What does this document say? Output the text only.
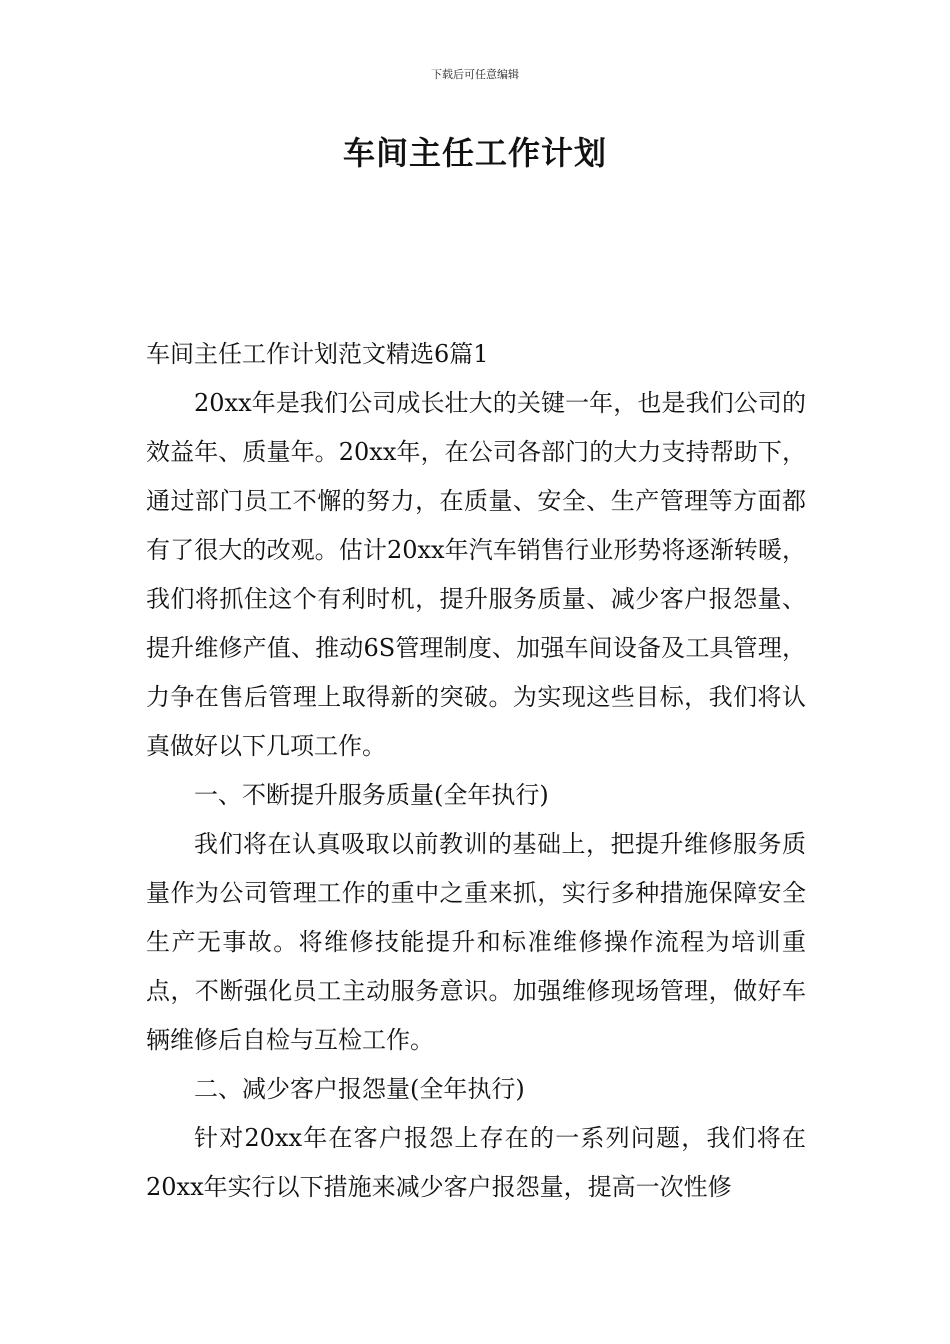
下载后可任意编辑
车间主任工作计划

车间主任工作计划范文精选6篇1

20xx年是我们公司成长壮大的关键一年，也是我们公司的效益年、质量年。20xx年，在公司各部门的大力支持帮助下，通过部门员工不懈的努力，在质量、安全、生产管理等方面都有了很大的改观。估计20xx年汽车销售行业形势将逐渐转暖，我们将抓住这个有利时机，提升服务质量、减少客户报怨量、提升维修产值、推动6S管理制度、加强车间设备及工具管理，力争在售后管理上取得新的突破。为实现这些目标，我们将认真做好以下几项工作。

一、不断提升服务质量(全年执行)

我们将在认真吸取以前教训的基础上，把提升维修服务质量作为公司管理工作的重中之重来抓，实行多种措施保障安全生产无事故。将维修技能提升和标准维修操作流程为培训重点，不断强化员工主动服务意识。加强维修现场管理，做好车辆维修后自检与互检工作。

二、减少客户报怨量(全年执行)

针对20xx年在客户报怨上存在的一系列问题，我们将在20xx年实行以下措施来减少客户报怨量，提高一次性修
